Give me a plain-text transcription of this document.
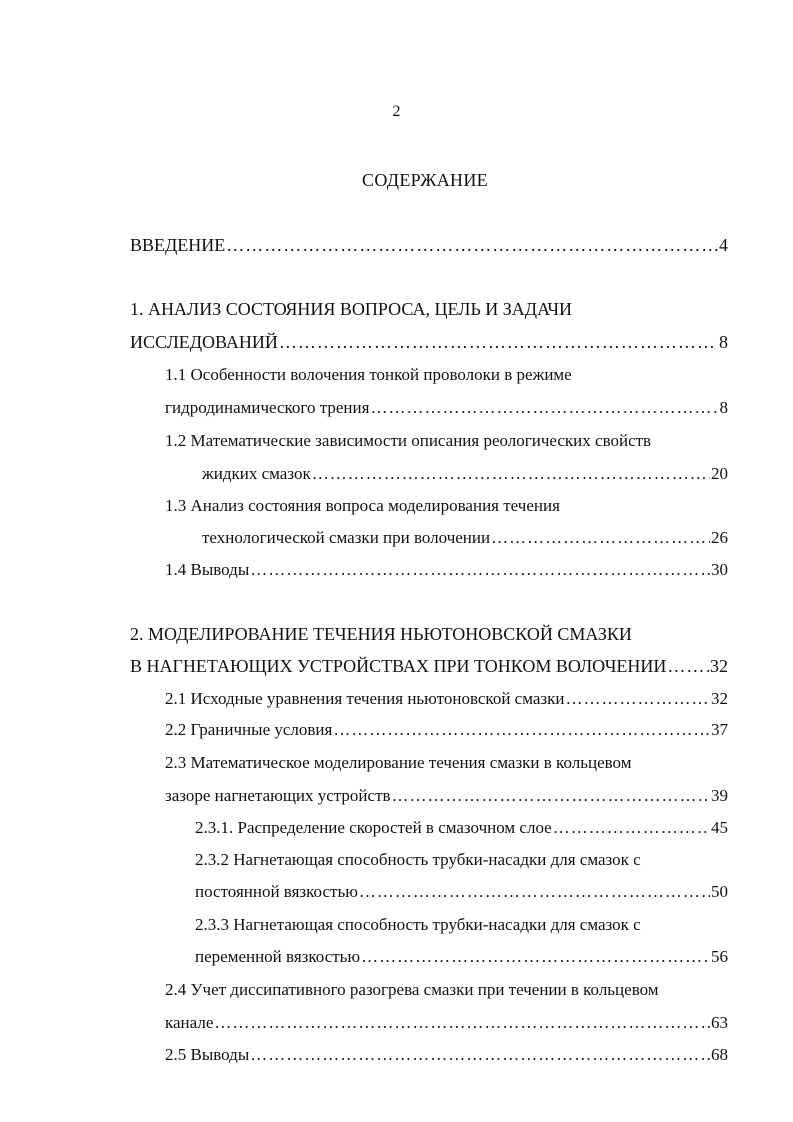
2
СОДЕРЖАНИЕ
ВВЕДЕНИЕ …………………………………………………………………………………………………………………………………………………………………………………………………………	4
1. АНАЛИЗ СОСТОЯНИЯ ВОПРОСА, ЦЕЛЬ И ЗАДАЧИ
ИССЛЕДОВАНИЙ …………………………………………………………………………………………………………………………………………………………………………………………………………	8
1.1 Особенности волочения тонкой проволоки в режиме
гидродинамического трения …………………………………………………………………………………………………………………………………………………………………………………………………………	8
1.2 Математические зависимости описания реологических свойств
жидких смазок …………………………………………………………………………………………………………………………………………………………………………………………………………	20
1.3 Анализ состояния вопроса моделирования течения
технологической смазки при волочении …………………………………………………………………………………………………………………………………………………………………………………………………………	26
1.4 Выводы …………………………………………………………………………………………………………………………………………………………………………………………………………	30
2. МОДЕЛИРОВАНИЕ ТЕЧЕНИЯ НЬЮТОНОВСКОЙ СМАЗКИ
В НАГНЕТАЮЩИХ УСТРОЙСТВАХ ПРИ ТОНКОМ ВОЛОЧЕНИИ ………………………………………………………………………………………………………………………………………………………………………………………………………… 32
2.1 Исходные уравнения течения ньютоновской смазки …………………………………………………………………………………………………………………………………………………………………………………………………………	32
2.2 Граничные условия …………………………………………………………………………………………………………………………………………………………………………………………………………	37
2.3 Математическое моделирование течения смазки в кольцевом
зазоре нагнетающих устройств …………………………………………………………………………………………………………………………………………………………………………………………………………	39
2.3.1. Распределение скоростей в смазочном слое …………………………………………………………………………………………………………………………………………………………………………………………………………	45
2.3.2 Нагнетающая способность трубки-насадки для смазок с
постоянной вязкостью …………………………………………………………………………………………………………………………………………………………………………………………………………	50
2.3.3 Нагнетающая способность трубки-насадки для смазок с
переменной вязкостью …………………………………………………………………………………………………………………………………………………………………………………………………………	56
2.4 Учет диссипативного разогрева смазки при течении в кольцевом
канале …………………………………………………………………………………………………………………………………………………………………………………………………………	63
2.5 Выводы …………………………………………………………………………………………………………………………………………………………………………………………………………	68
